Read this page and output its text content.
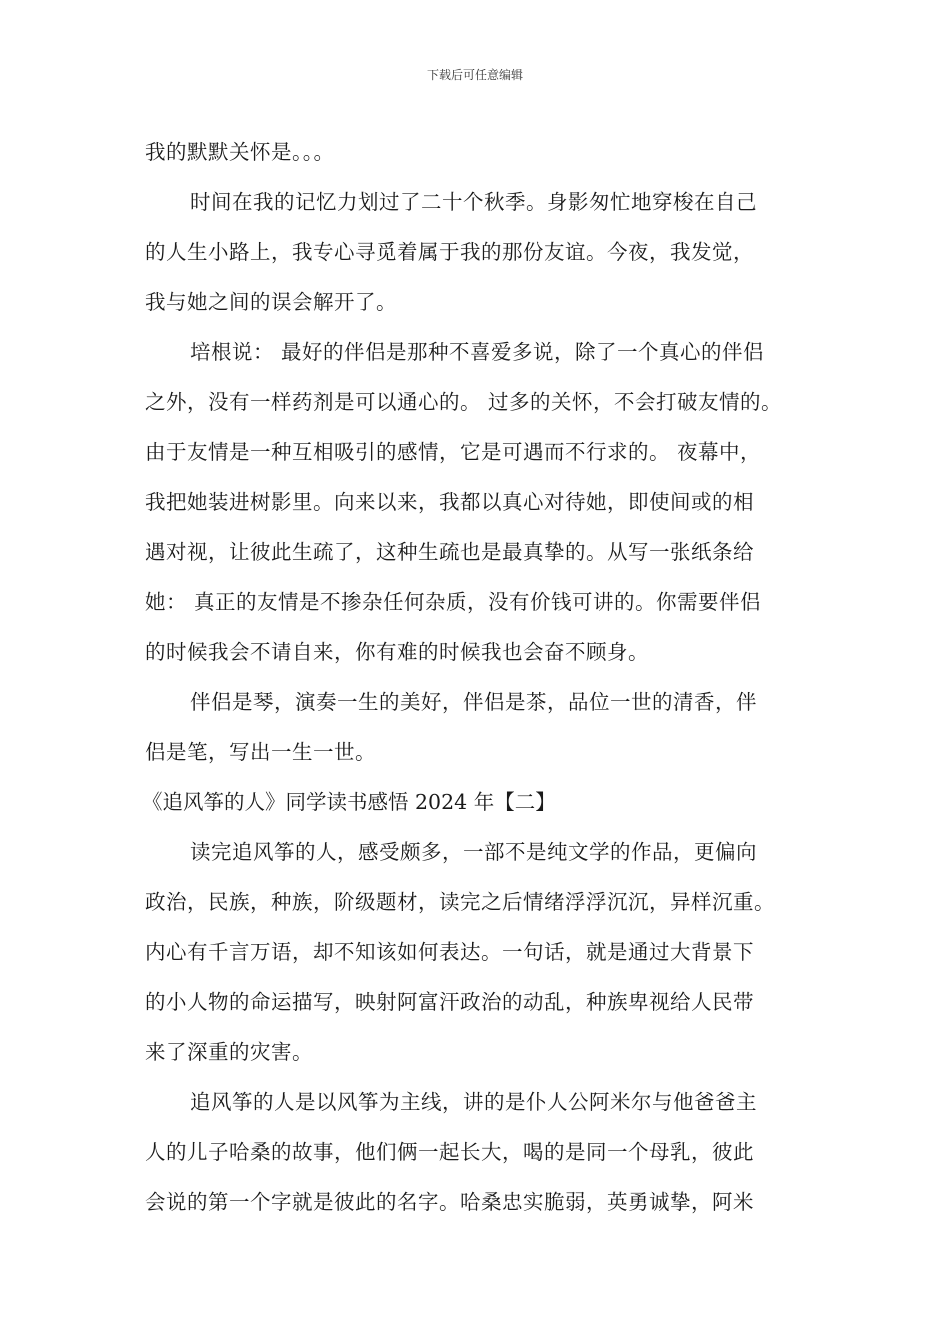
下载后可任意编辑
我的默默关怀是。。。
时间在我的记忆力划过了二十个秋季。身影匆忙地穿梭在自己
的人生小路上，我专心寻觅着属于我的那份友谊。今夜，我发觉，
我与她之间的误会解开了。
培根说： 最好的伴侣是那种不喜爱多说，除了一个真心的伴侣
之外，没有一样药剂是可以通心的。 过多的关怀，不会打破友情的。
由于友情是一种互相吸引的感情，它是可遇而不行求的。 夜幕中，
我把她装进树影里。向来以来，我都以真心对待她，即使间或的相
遇对视，让彼此生疏了，这种生疏也是最真挚的。从写一张纸条给
她： 真正的友情是不掺杂任何杂质，没有价钱可讲的。你需要伴侣
的时候我会不请自来，你有难的时候我也会奋不顾身。
伴侣是琴，演奏一生的美好，伴侣是茶，品位一世的清香，伴
侣是笔，写出一生一世。
《追风筝的人》同学读书感悟 2024 年【二】
读完追风筝的人，感受颇多，一部不是纯文学的作品，更偏向
政治，民族，种族，阶级题材，读完之后情绪浮浮沉沉，异样沉重。
内心有千言万语，却不知该如何表达。一句话，就是通过大背景下
的小人物的命运描写，映射阿富汗政治的动乱，种族卑视给人民带
来了深重的灾害。
追风筝的人是以风筝为主线，讲的是仆人公阿米尔与他爸爸主
人的儿子哈桑的故事，他们俩一起长大，喝的是同一个母乳，彼此
会说的第一个字就是彼此的名字。哈桑忠实脆弱，英勇诚挚，阿米
